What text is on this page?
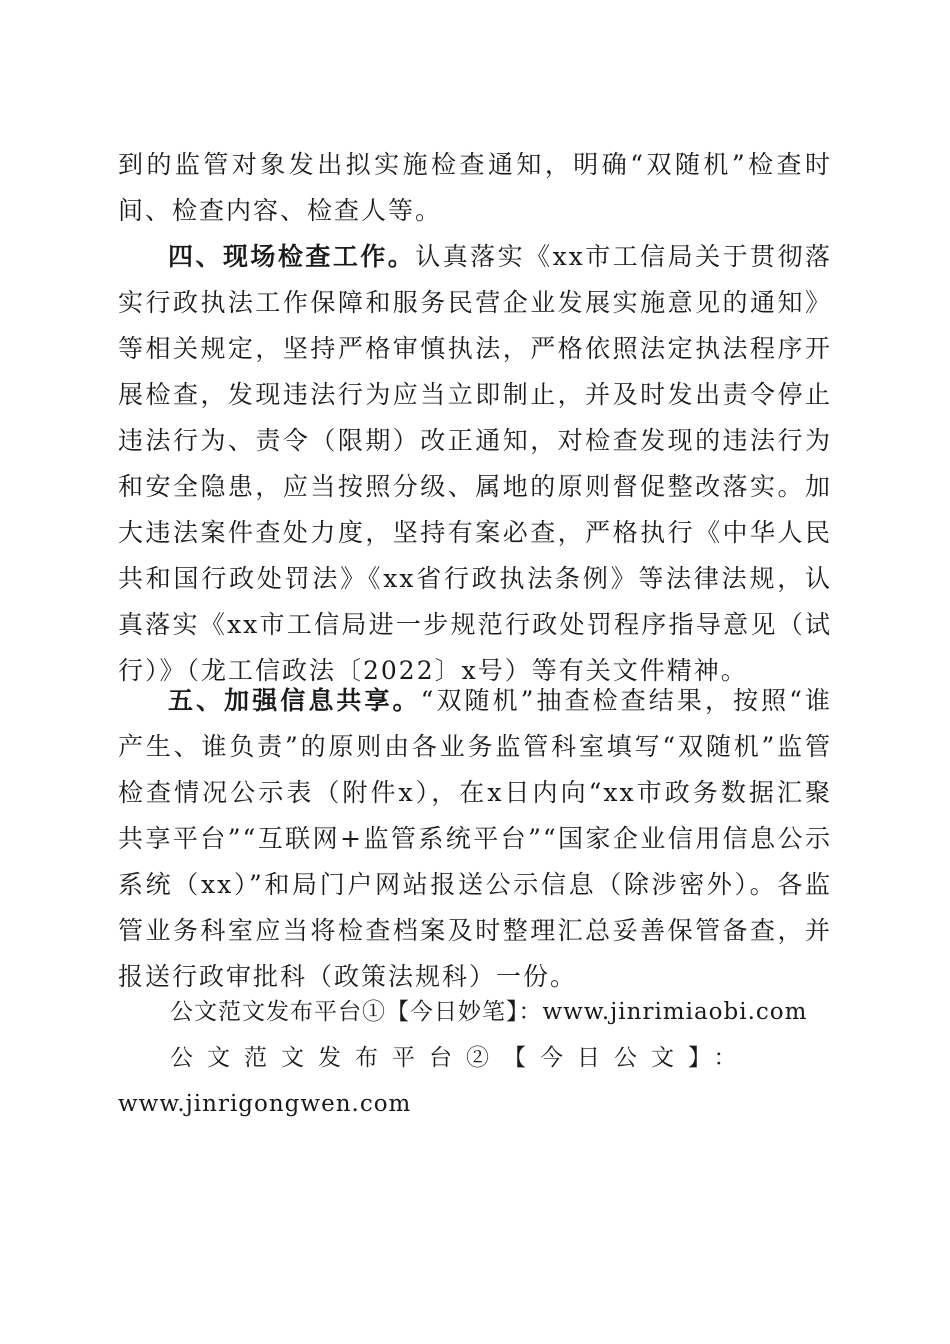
到的监管对象发出拟实施检查通知，明确“双随机”检查时间、检查内容、检查人等。

四、现场检查工作。认真落实《xx市工信局关于贯彻落实行政执法工作保障和服务民营企业发展实施意见的通知》等相关规定，坚持严格审慎执法，严格依照法定执法程序开展检查，发现违法行为应当立即制止，并及时发出责令停止违法行为、责令（限期）改正通知，对检查发现的违法行为和安全隐患，应当按照分级、属地的原则督促整改落实。加大违法案件查处力度，坚持有案必查，严格执行《中华人民共和国行政处罚法》《xx省行政执法条例》等法律法规，认真落实《xx市工信局进一步规范行政处罚程序指导意见（试行）》（龙工信政法〔2022〕x号）等有关文件精神。

五、加强信息共享。“双随机”抽查检查结果，按照“谁产生、谁负责”的原则由各业务监管科室填写“双随机”监管检查情况公示表（附件x），在x日内向“xx市政务数据汇聚共享平台”“互联网+监管系统平台”“国家企业信用信息公示系统（xx）”和局门户网站报送公示信息（除涉密外）。各监管业务科室应当将检查档案及时整理汇总妥善保管备查，并报送行政审批科（政策法规科）一份。

公文范文发布平台①【今日妙笔】：www.jinrimiaobi.com

公文范文发布平台②【今日公文】：

www.jinrigongwen.com
